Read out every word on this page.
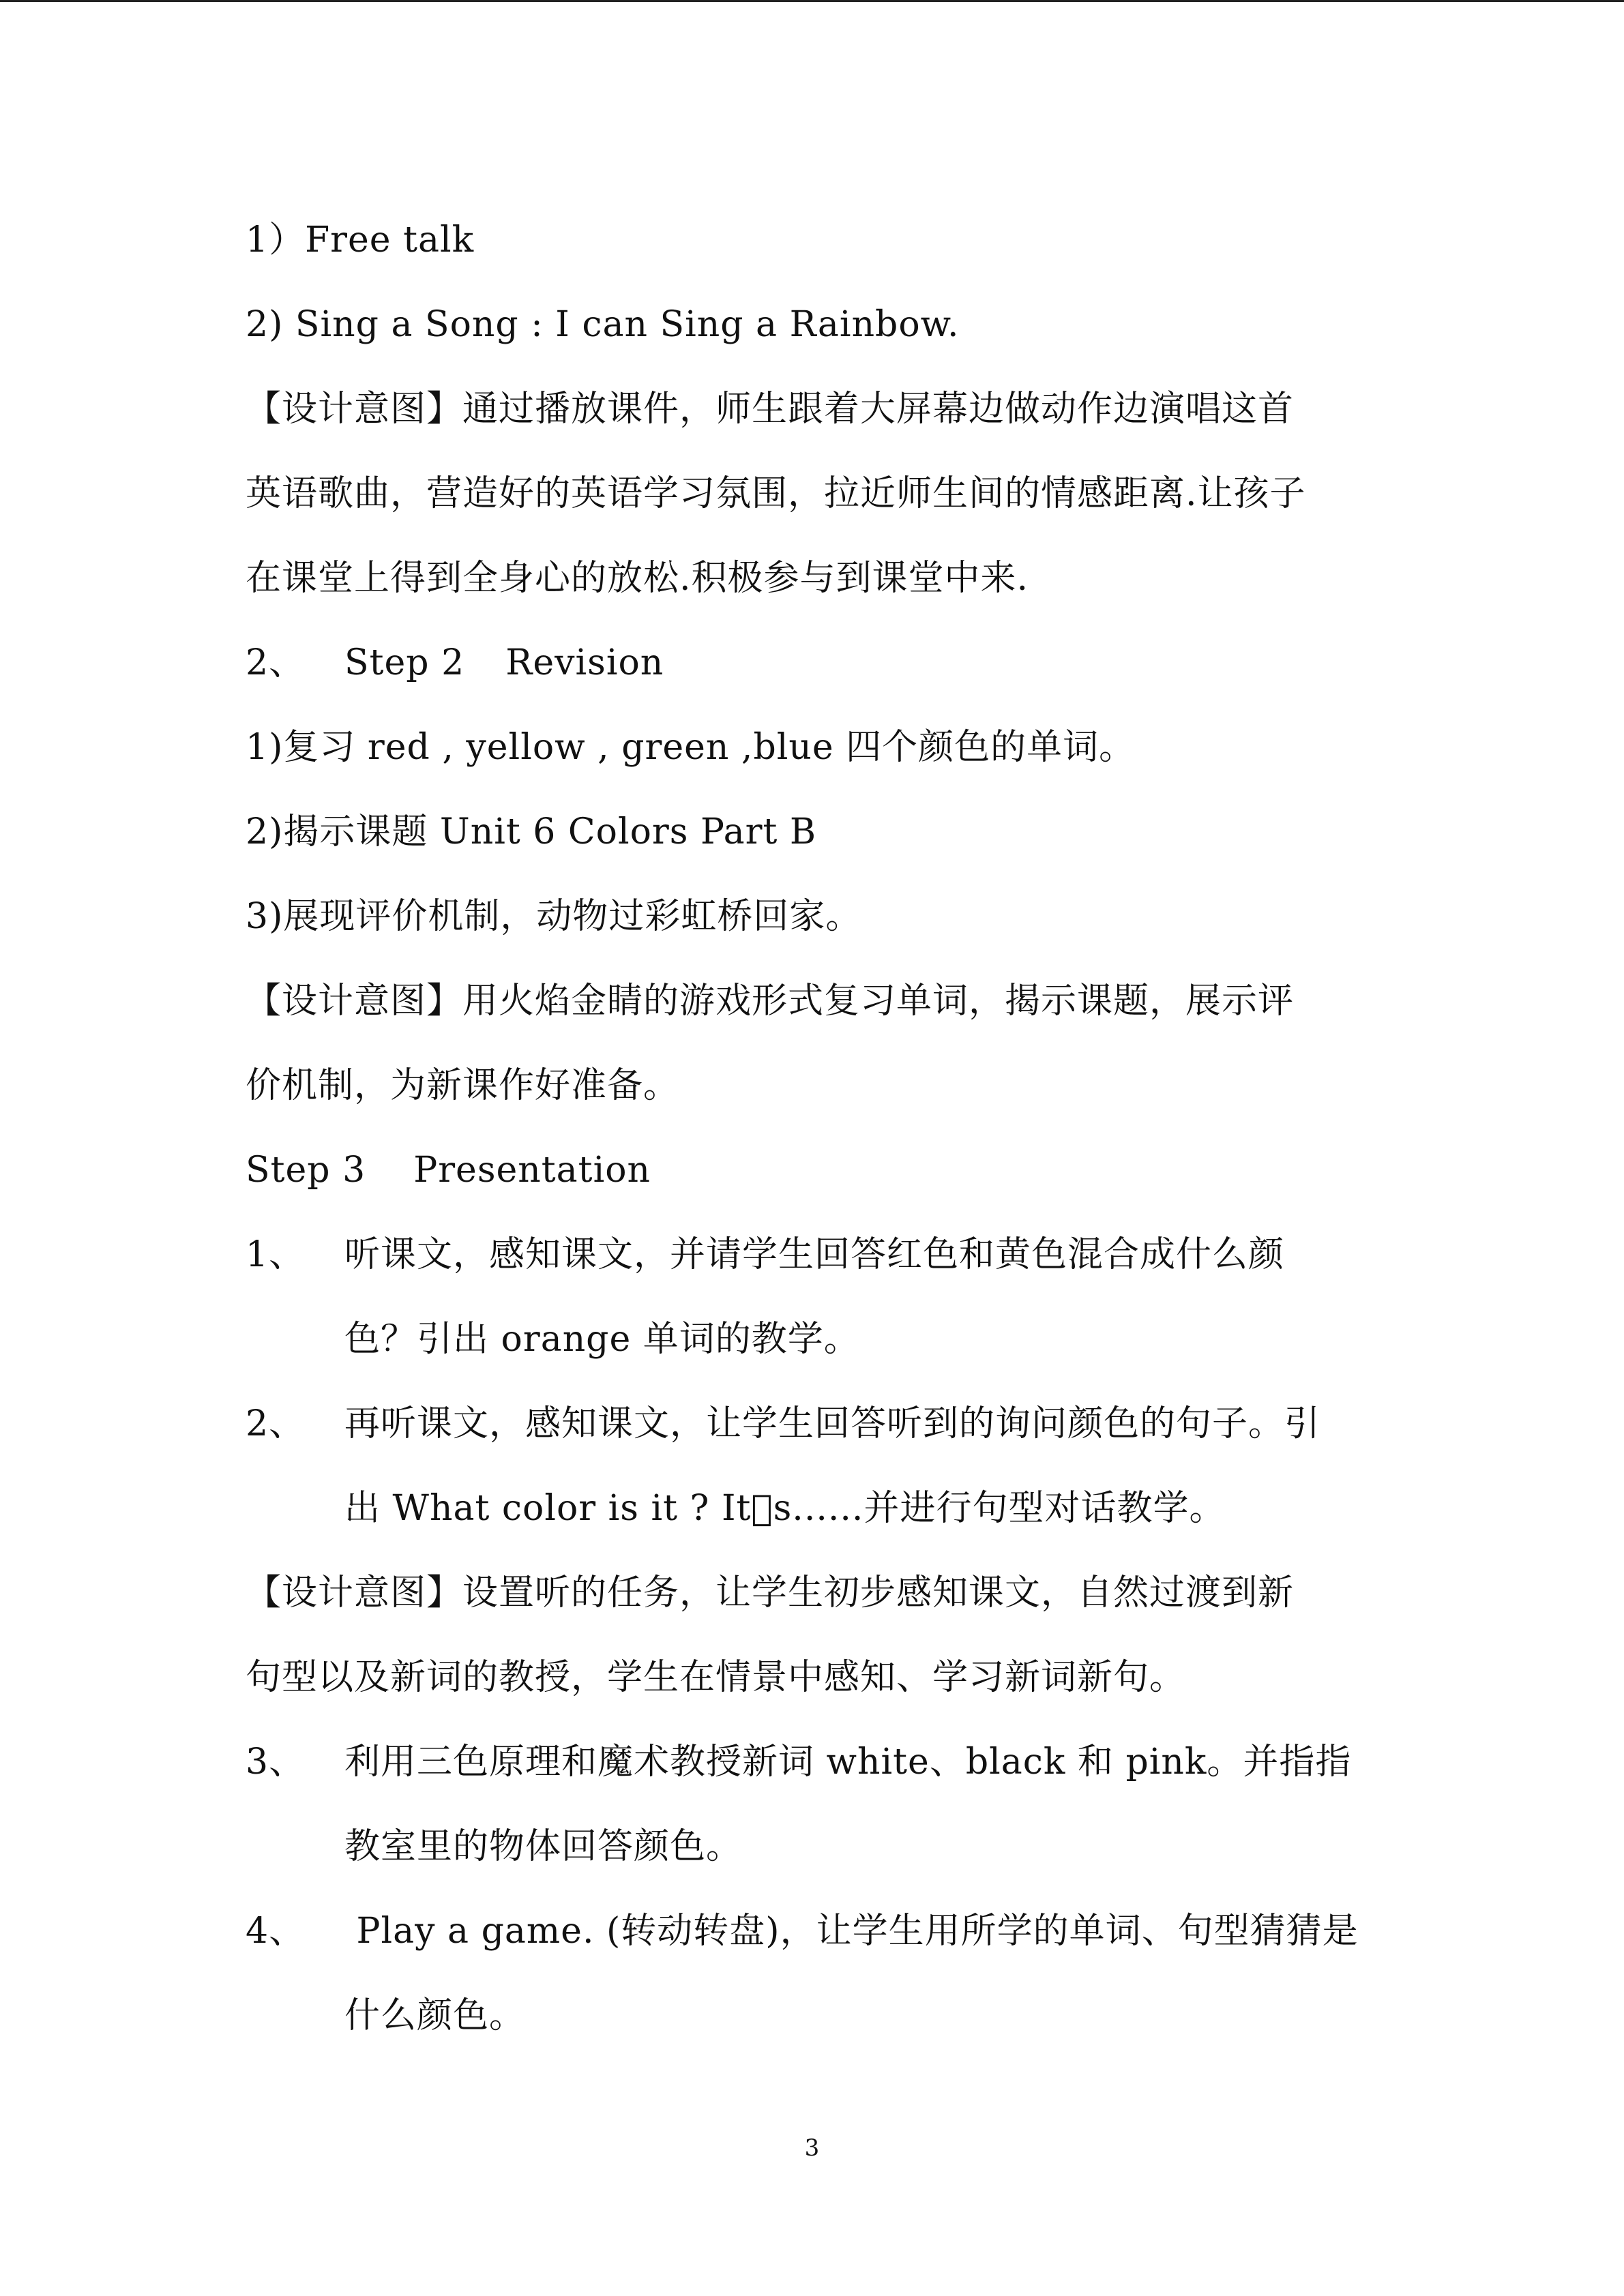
1）Free talk
2) Sing a Song : I can Sing a Rainbow.
【设计意图】通过播放课件，师生跟着大屏幕边做动作边演唱这首
英语歌曲，营造好的英语学习氛围，拉近师生间的情感距离.让孩子
在课堂上得到全身心的放松.积极参与到课堂中来.
2、 Step 2 Revision
1)复习 red , yellow , green ,blue 四个颜色的单词。
2)揭示课题 Unit 6 Colors Part B
3)展现评价机制，动物过彩虹桥回家。
【设计意图】用火焰金睛的游戏形式复习单词，揭示课题，展示评
价机制，为新课作好准备。
Step 3 Presentation
1、 听课文，感知课文，并请学生回答红色和黄色混合成什么颜
色？引出 orange 单词的教学。
2、 再听课文，感知课文，让学生回答听到的询问颜色的句子。引
出 What color is it ? It s......并进行句型对话教学。
【设计意图】设置听的任务，让学生初步感知课文，自然过渡到新
句型以及新词的教授，学生在情景中感知、学习新词新句。
3、 利用三色原理和魔术教授新词 white、black 和 pink。并指指
教室里的物体回答颜色。
4、 Play a game. (转动转盘)，让学生用所学的单词、句型猜猜是
什么颜色。
3
